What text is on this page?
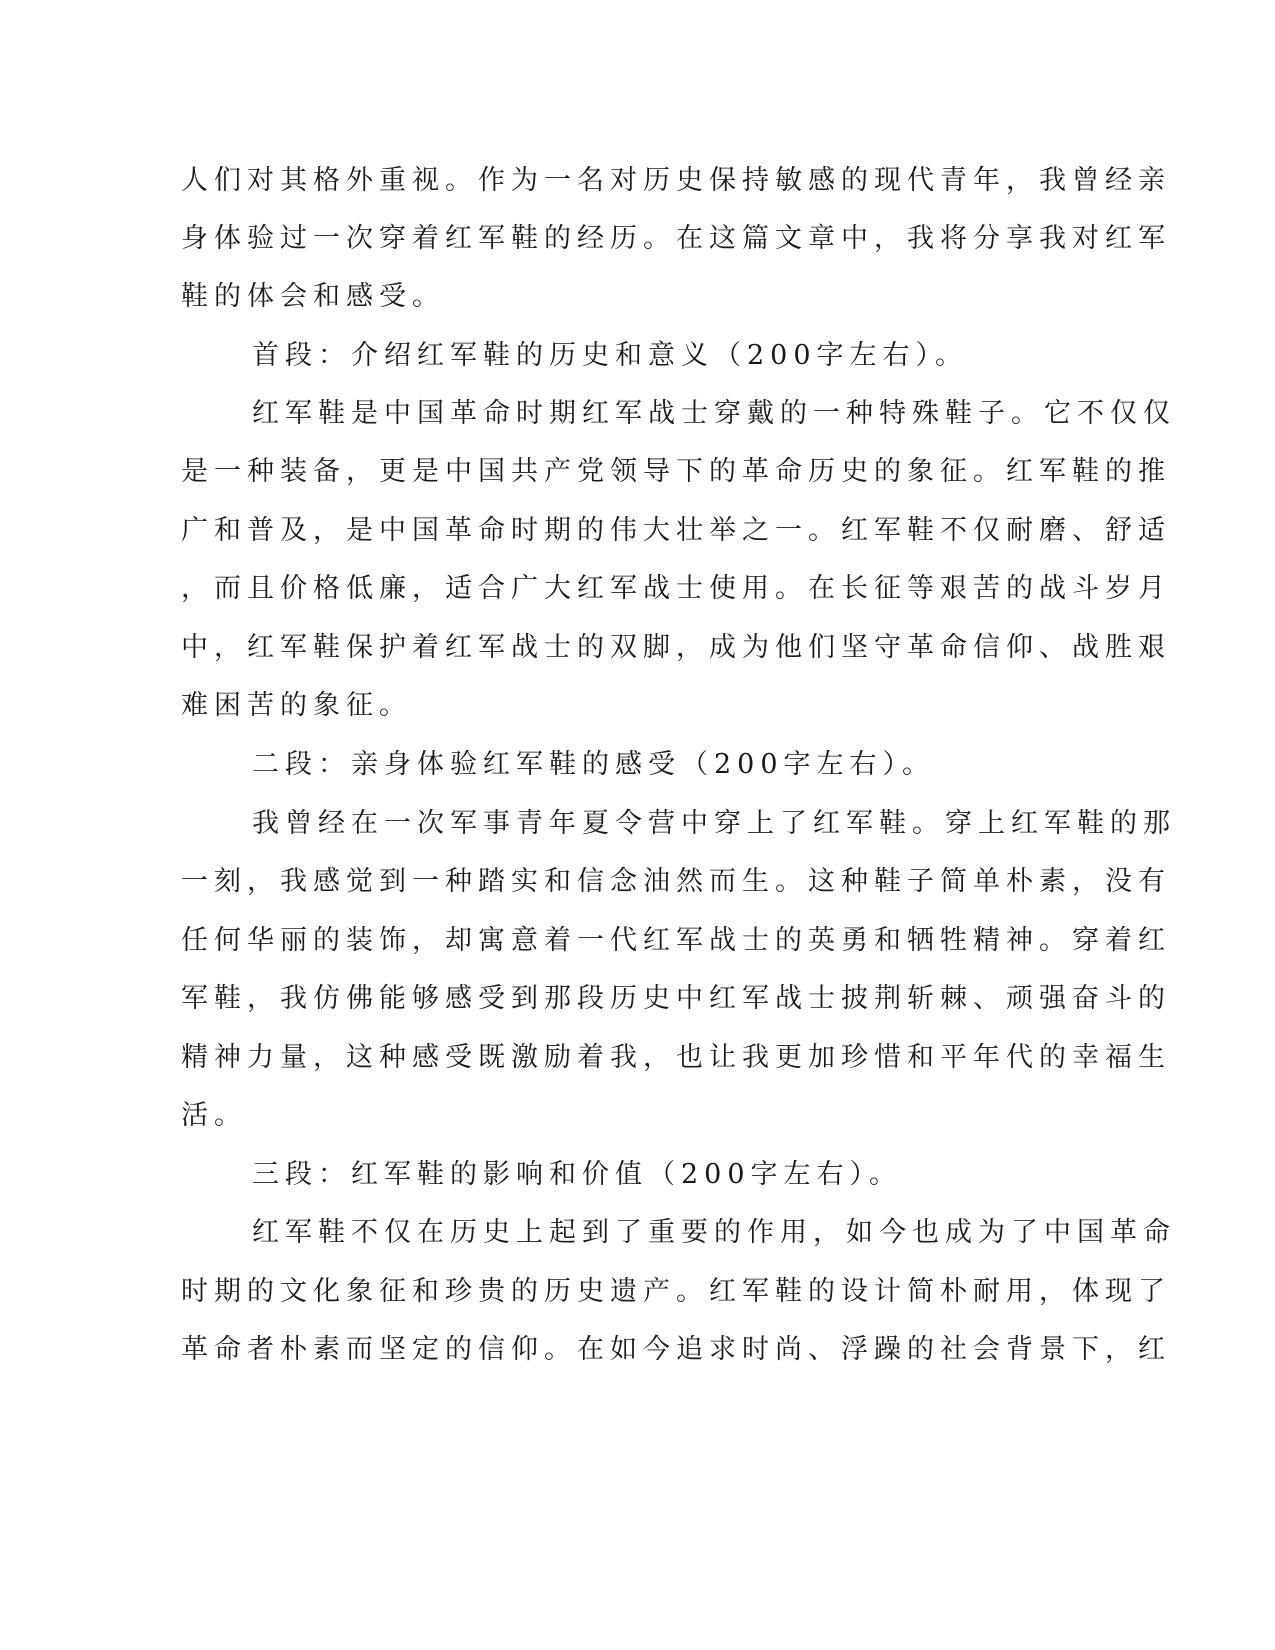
人们对其格外重视。作为一名对历史保持敏感的现代青年，我曾经亲
身体验过一次穿着红军鞋的经历。在这篇文章中，我将分享我对红军
鞋的体会和感受。
首段：介绍红军鞋的历史和意义（200字左右）。
红军鞋是中国革命时期红军战士穿戴的一种特殊鞋子。它不仅仅
是一种装备，更是中国共产党领导下的革命历史的象征。红军鞋的推
广和普及，是中国革命时期的伟大壮举之一。红军鞋不仅耐磨、舒适
，而且价格低廉，适合广大红军战士使用。在长征等艰苦的战斗岁月
中，红军鞋保护着红军战士的双脚，成为他们坚守革命信仰、战胜艰
难困苦的象征。
二段：亲身体验红军鞋的感受（200字左右）。
我曾经在一次军事青年夏令营中穿上了红军鞋。穿上红军鞋的那
一刻，我感觉到一种踏实和信念油然而生。这种鞋子简单朴素，没有
任何华丽的装饰，却寓意着一代红军战士的英勇和牺牲精神。穿着红
军鞋，我仿佛能够感受到那段历史中红军战士披荆斩棘、顽强奋斗的
精神力量，这种感受既激励着我，也让我更加珍惜和平年代的幸福生
活。
三段：红军鞋的影响和价值（200字左右）。
红军鞋不仅在历史上起到了重要的作用，如今也成为了中国革命
时期的文化象征和珍贵的历史遗产。红军鞋的设计简朴耐用，体现了
革命者朴素而坚定的信仰。在如今追求时尚、浮躁的社会背景下，红
